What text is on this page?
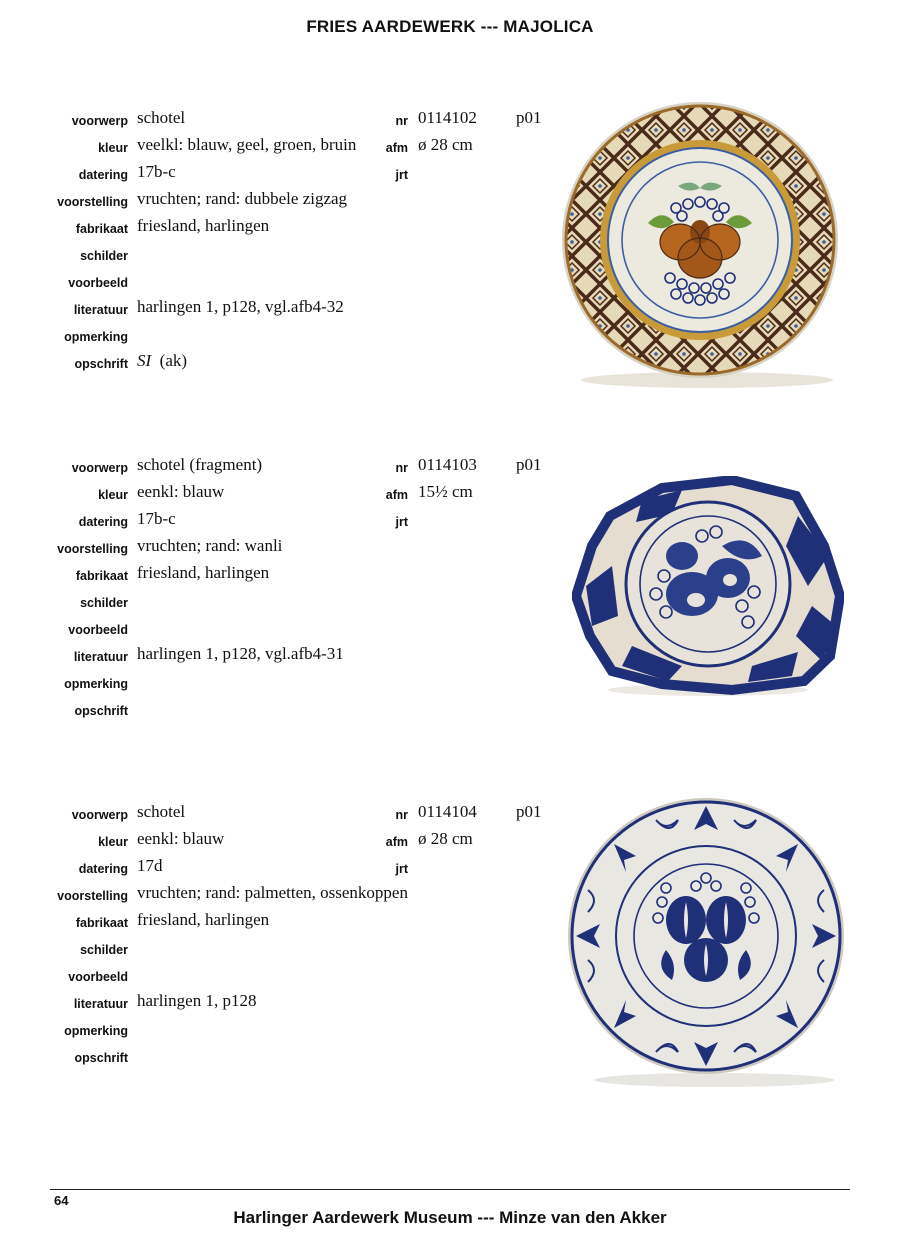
FRIES AARDEWERK --- MAJOLICA
voorwerp schotel	nr 0114102 p01
kleur veelkl: blauw, geel, groen, bruin afm ø 28 cm
datering 17b-c	jrt
voorstelling vruchten; rand: dubbele zigzag
fabrikaat friesland, harlingen
schilder
voorbeeld
literatuur harlingen 1, p128, vgl.afb4-32
opmerking
opschrift SI (ak)
voorwerp schotel (fragment)	nr 0114103 p01
kleur eenkl: blauw	afm 15½ cm
datering 17b-c	jrt
voorstelling vruchten; rand: wanli
fabrikaat friesland, harlingen
schilder
voorbeeld
literatuur harlingen 1, p128, vgl.afb4-31
opmerking
opschrift
voorwerp schotel	nr 0114104 p01
kleur eenkl: blauw	afm ø 28 cm
datering 17d	jrt
voorstelling vruchten; rand: palmetten, ossenkoppen
fabrikaat friesland, harlingen
schilder
voorbeeld
literatuur harlingen 1, p128
opmerking
opschrift
64
Harlinger Aardewerk Museum --- Minze van den Akker
